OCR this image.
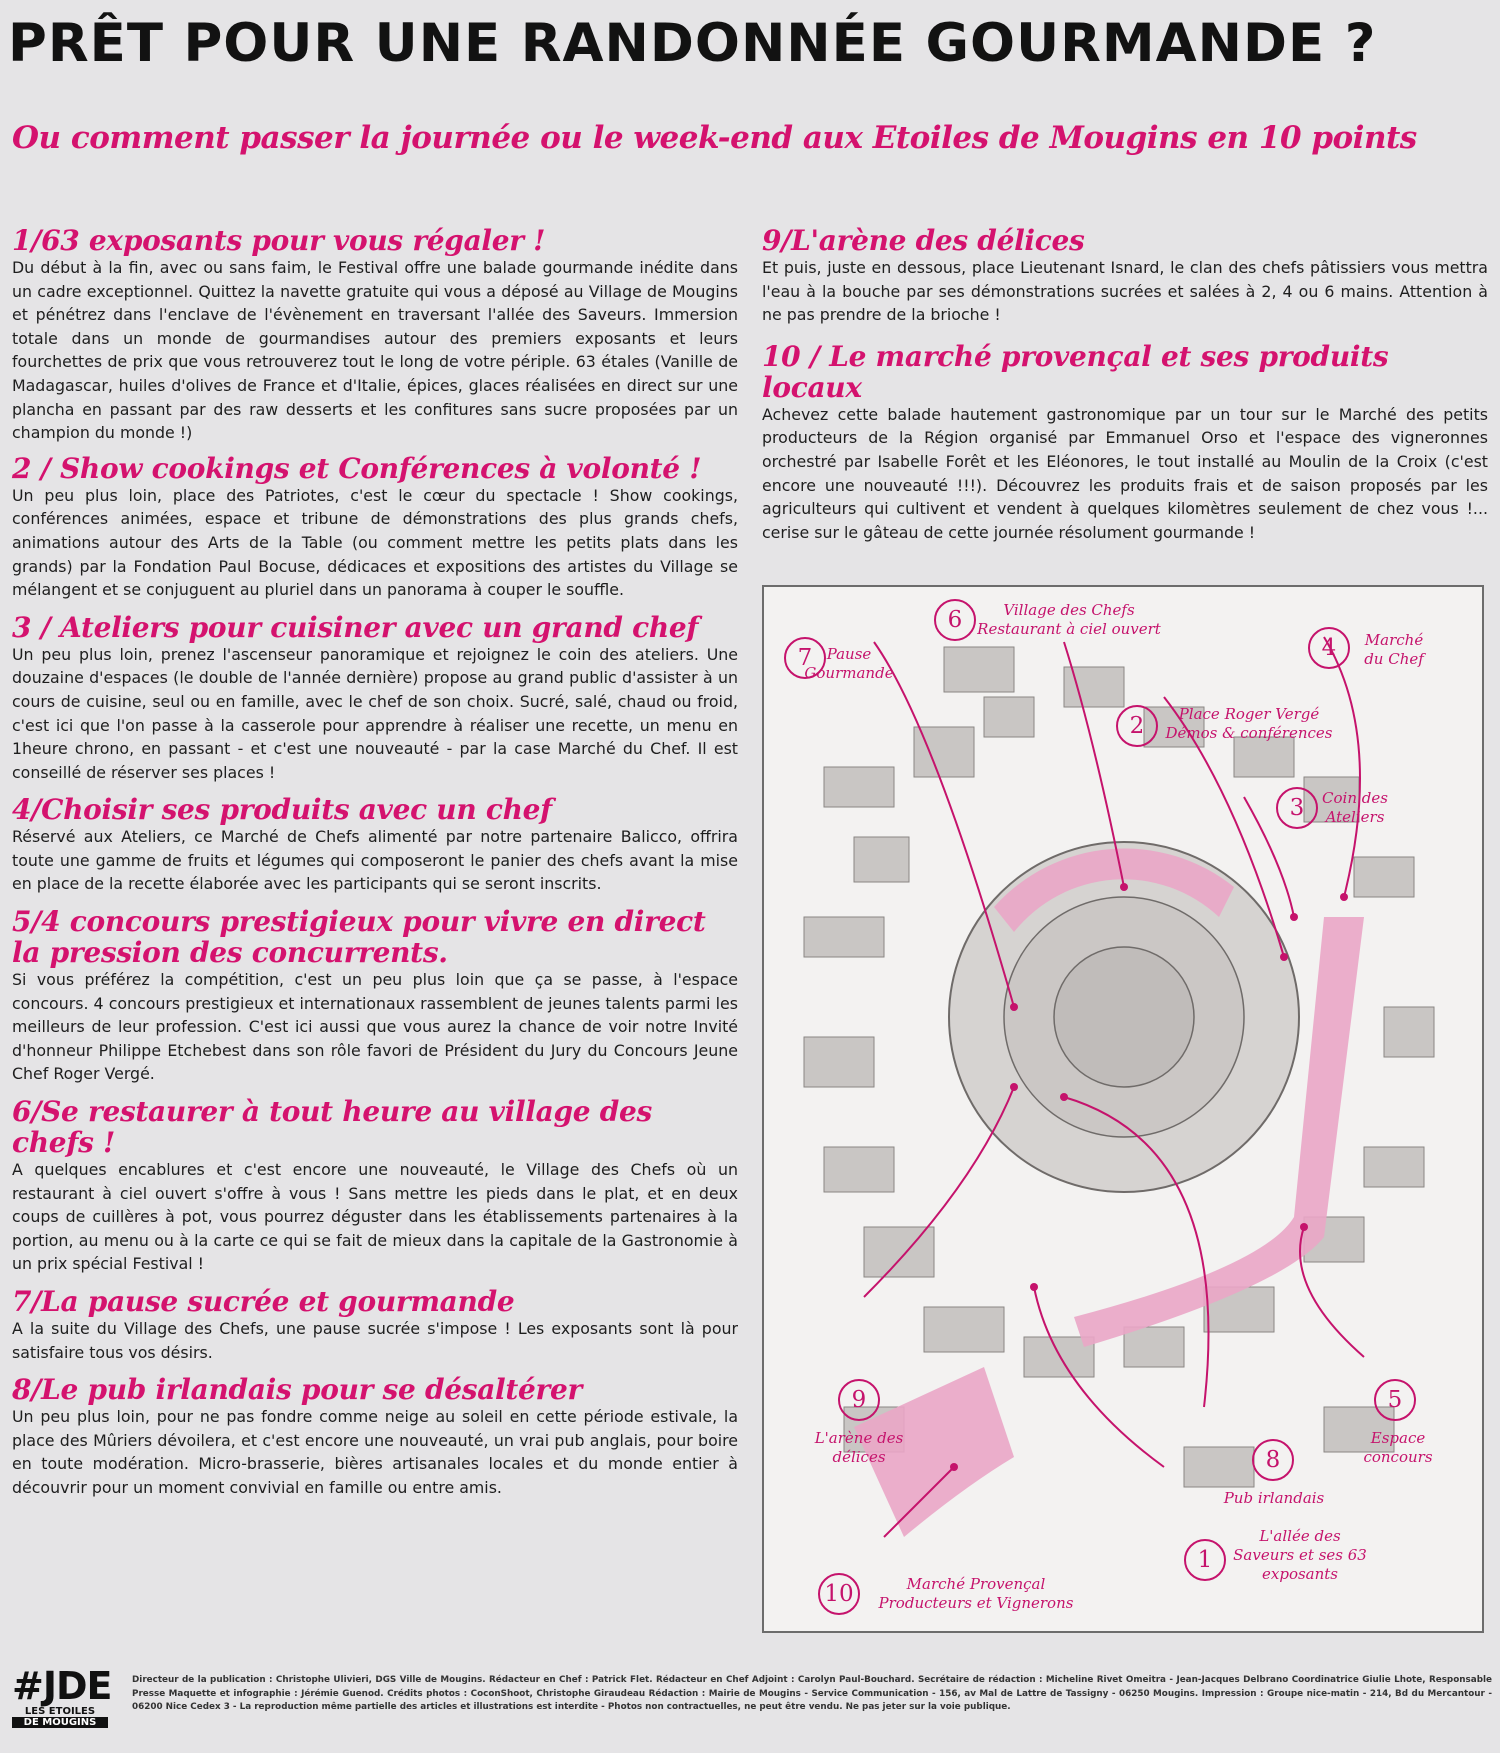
PRÊT POUR UNE RANDONNÉE GOURMANDE ?
Ou comment passer la journée ou le week-end aux Etoiles de Mougins en 10 points
1/63 exposants pour vous régaler !

Du début à la fin, avec ou sans faim, le Festival offre une balade gourmande inédite dans un cadre exceptionnel. Quittez la navette gratuite qui vous a déposé au Village de Mougins et pénétrez dans l'enclave de l'évènement en traversant l'allée des Saveurs. Immersion totale dans un monde de gourmandises autour des premiers exposants et leurs fourchettes de prix que vous retrouverez tout le long de votre périple. 63 étales (Vanille de Madagascar, huiles d'olives de France et d'Italie, épices, glaces réalisées en direct sur une plancha en passant par des raw desserts et les confitures sans sucre proposées par un champion du monde !)

2 / Show cookings et Conférences à volonté !

Un peu plus loin, place des Patriotes, c'est le cœur du spectacle ! Show cookings, conférences animées, espace et tribune de démonstrations des plus grands chefs, animations autour des Arts de la Table (ou comment mettre les petits plats dans les grands) par la Fondation Paul Bocuse, dédicaces et expositions des artistes du Village se mélangent et se conjuguent au pluriel dans un panorama à couper le souffle.

3 / Ateliers pour cuisiner avec un grand chef

Un peu plus loin, prenez l'ascenseur panoramique et rejoignez le coin des ateliers. Une douzaine d'espaces (le double de l'année dernière) propose au grand public d'assister à un cours de cuisine, seul ou en famille, avec le chef de son choix. Sucré, salé, chaud ou froid, c'est ici que l'on passe à la casserole pour apprendre à réaliser une recette, un menu en 1heure chrono, en passant - et c'est une nouveauté - par la case Marché du Chef. Il est conseillé de réserver ses places !

4/Choisir ses produits avec un chef

Réservé aux Ateliers, ce Marché de Chefs alimenté par notre partenaire Balicco, offrira toute une gamme de fruits et légumes qui composeront le panier des chefs avant la mise en place de la recette élaborée avec les participants qui se seront inscrits.

5/4 concours prestigieux pour vivre en direct la pression des concurrents.

Si vous préférez la compétition, c'est un peu plus loin que ça se passe, à l'espace concours. 4 concours prestigieux et internationaux rassemblent de jeunes talents parmi les meilleurs de leur profession. C'est ici aussi que vous aurez la chance de voir notre Invité d'honneur Philippe Etchebest dans son rôle favori de Président du Jury du Concours Jeune Chef Roger Vergé.

6/Se restaurer à tout heure au village des chefs !

A quelques encablures et c'est encore une nouveauté, le Village des Chefs où un restaurant à ciel ouvert s'offre à vous ! Sans mettre les pieds dans le plat, et en deux coups de cuillères à pot, vous pourrez déguster dans les établissements partenaires à la portion, au menu ou à la carte ce qui se fait de mieux dans la capitale de la Gastronomie à un prix spécial Festival !

7/La pause sucrée et gourmande

A la suite du Village des Chefs, une pause sucrée s'impose ! Les exposants sont là pour satisfaire tous vos désirs.

8/Le pub irlandais pour se désaltérer

Un peu plus loin, pour ne pas fondre comme neige au soleil en cette période estivale, la place des Mûriers dévoilera, et c'est encore une nouveauté, un vrai pub anglais, pour boire en toute modération. Micro-brasserie, bières artisanales locales et du monde entier à découvrir pour un moment convivial en famille ou entre amis.

9/L'arène des délices

Et puis, juste en dessous, place Lieutenant Isnard, le clan des chefs pâtissiers vous mettra l'eau à la bouche par ses démonstrations sucrées et salées à 2, 4 ou 6 mains. Attention à ne pas prendre de la brioche !

10 / Le marché provençal et ses produits locaux

Achevez cette balade hautement gastronomique par un tour sur le Marché des petits producteurs de la Région organisé par Emmanuel Orso et l'espace des vigneronnes orchestré par Isabelle Forêt et les Eléonores, le tout installé au Moulin de la Croix (c'est encore une nouveauté !!!). Découvrez les produits frais et de saison proposés par les agriculteurs qui cultivent et vendent à quelques kilomètres seulement de chez vous !... cerise sur le gâteau de cette journée résolument gourmande !

7 Pause Gourmande
6	Village des Chefs Restaurant à ciel ouvert
4	Marché du Chef
2	Place Roger Vergé Démos & conférences
3	Coin des Ateliers
9
L'arène des délices	8
Pub irlandais
5
Espace concours
1
L'allée des Saveurs et ses 63 exposants
10	Marché Provençal Producteurs et Vignerons
#JDE
LES ETOILES
DE MOUGINS
Directeur de la publication : Christophe Ulivieri, DGS Ville de Mougins. Rédacteur en Chef : Patrick Flet. Rédacteur en Chef Adjoint : Carolyn Paul-Bouchard. Secrétaire de rédaction : Micheline Rivet Omeitra - Jean-Jacques Delbrano Coordinatrice Giulie Lhote, Responsable Presse Maquette et infographie : Jérémie Guenod. Crédits photos : CoconShoot, Christophe Giraudeau Rédaction : Mairie de Mougins - Service Communication - 156, av Mal de Lattre de Tassigny - 06250 Mougins. Impression : Groupe nice-matin - 214, Bd du Mercantour - 06200 Nice Cedex 3 - La reproduction même partielle des articles et illustrations est interdite - Photos non contractuelles, ne peut être vendu. Ne pas jeter sur la voie publique.
